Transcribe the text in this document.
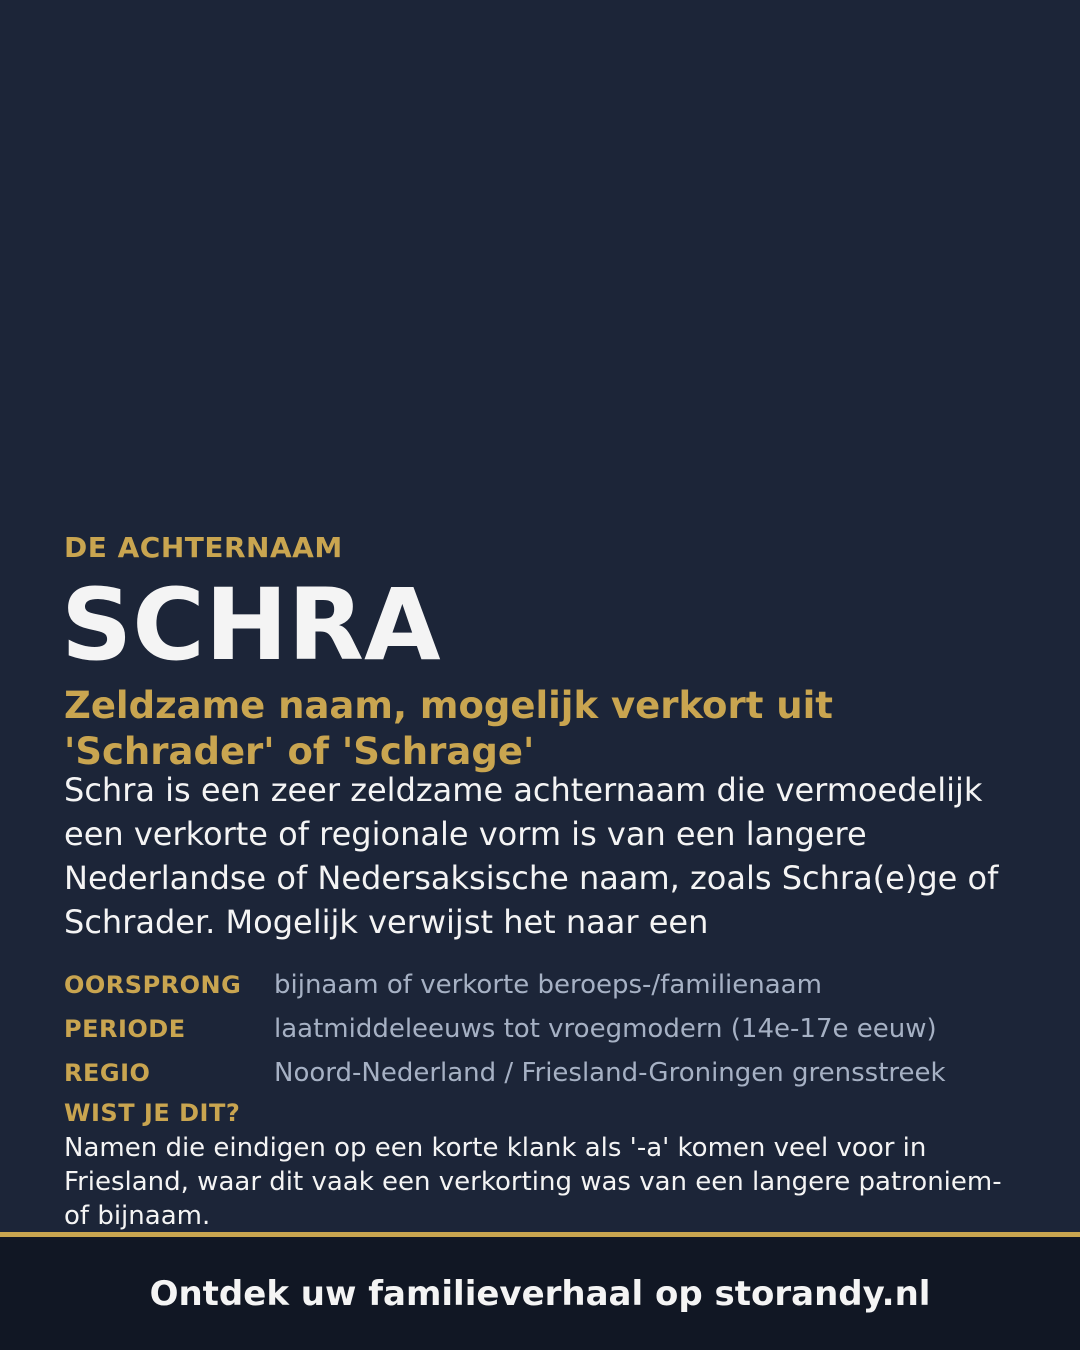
DE ACHTERNAAM
SCHRA
Zeldzame naam, mogelijk verkort uit 'Schrader' of 'Schrage'
Schra is een zeer zeldzame achternaam die vermoedelijk een verkorte of regionale vorm is van een langere Nederlandse of Nedersaksische naam, zoals Schra(e)ge of Schrader. Mogelijk verwijst het naar een
OORSPRONG	bijnaam of verkorte beroeps-/familienaam
PERIODE	laatmiddeleeuws tot vroegmodern (14e-17e eeuw)
REGIO	Noord-Nederland / Friesland-Groningen grensstreek
WIST JE DIT?
Namen die eindigen op een korte klank als '-a' komen veel voor in Friesland, waar dit vaak een verkorting was van een langere patroniem- of bijnaam.
Ontdek uw familieverhaal op storandy.nl
